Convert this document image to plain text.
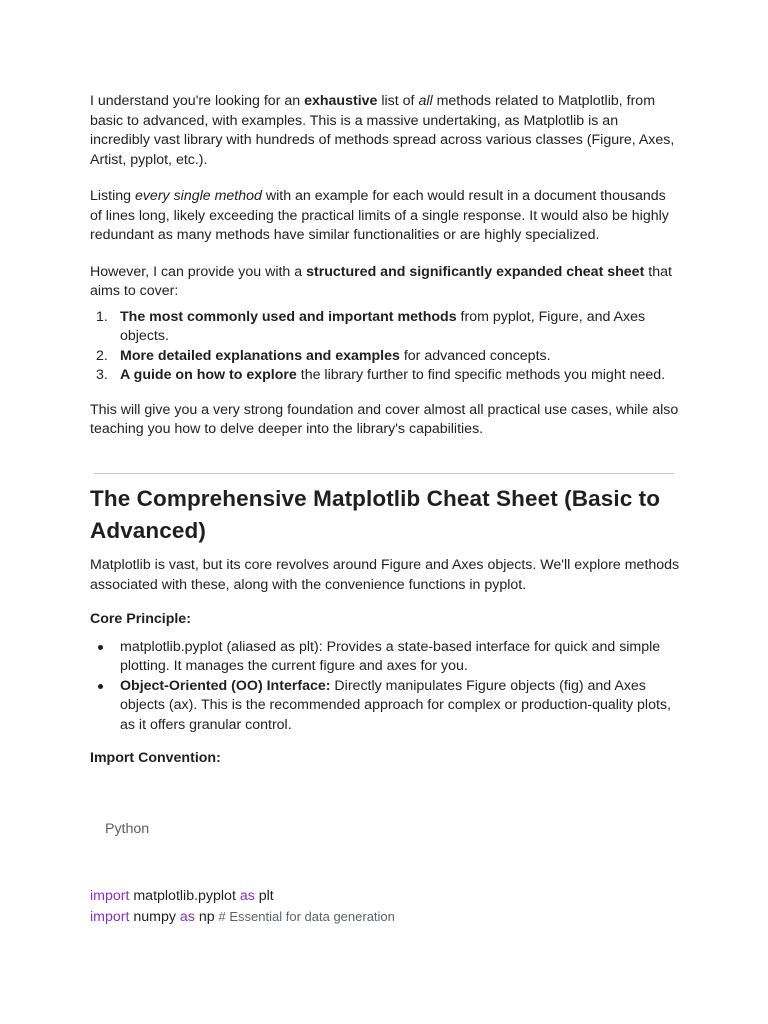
I understand you're looking for an exhaustive list of all methods related to Matplotlib, from basic to advanced, with examples. This is a massive undertaking, as Matplotlib is an incredibly vast library with hundreds of methods spread across various classes (Figure, Axes, Artist, pyplot, etc.).

Listing every single method with an example for each would result in a document thousands of lines long, likely exceeding the practical limits of a single response. It would also be highly redundant as many methods have similar functionalities or are highly specialized.

However, I can provide you with a structured and significantly expanded cheat sheet that aims to cover:

1. The most commonly used and important methods from pyplot, Figure, and Axes objects.
2. More detailed explanations and examples for advanced concepts.
3. A guide on how to explore the library further to find specific methods you might need.

This will give you a very strong foundation and cover almost all practical use cases, while also teaching you how to delve deeper into the library's capabilities.

The Comprehensive Matplotlib Cheat Sheet (Basic to Advanced)

Matplotlib is vast, but its core revolves around Figure and Axes objects. We'll explore methods associated with these, along with the convenience functions in pyplot.

Core Principle:

matplotlib.pyplot (aliased as plt): Provides a state-based interface for quick and simple plotting. It manages the current figure and axes for you.
Object-Oriented (OO) Interface: Directly manipulates Figure objects (fig) and Axes objects (ax). This is the recommended approach for complex or production-quality plots, as it offers granular control.

Import Convention:

Python
import matplotlib.pyplot as plt
import numpy as np # Essential for data generation
